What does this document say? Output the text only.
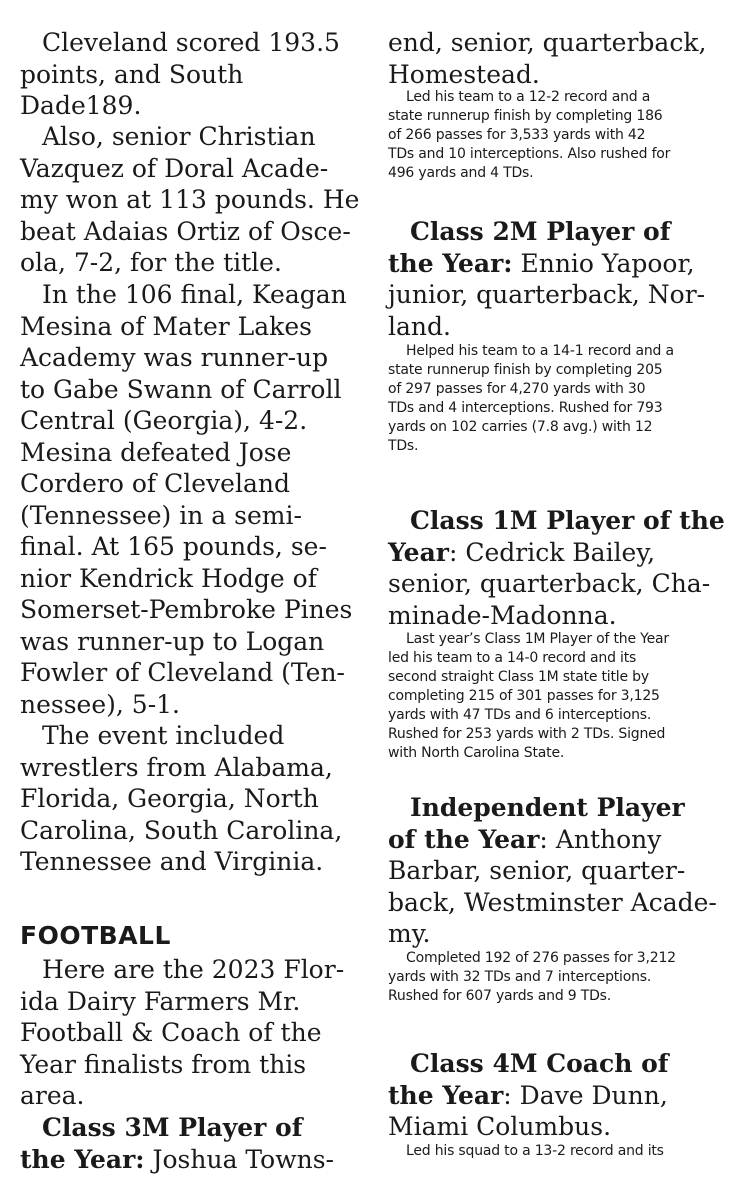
Cleveland scored 193.5
points, and South
Dade189.
Also, senior Christian
Vazquez of Doral Acade-
my won at 113 pounds. He
beat Adaias Ortiz of Osce-
ola, 7-2, for the title.
In the 106 final, Keagan
Mesina of Mater Lakes
Academy was runner-up
to Gabe Swann of Carroll
Central (Georgia), 4-2.
Mesina defeated Jose
Cordero of Cleveland
(Tennessee) in a semi-
final. At 165 pounds, se-
nior Kendrick Hodge of
Somerset-Pembroke Pines
was runner-up to Logan
Fowler of Cleveland (Ten-
nessee), 5-1.
The event included
wrestlers from Alabama,
Florida, Georgia, North
Carolina, South Carolina,
Tennessee and Virginia.
FOOTBALL
Here are the 2023 Flor-
ida Dairy Farmers Mr.
Football & Coach of the
Year finalists from this
area.
Class 3M Player of
the Year: Joshua Towns-
end, senior, quarterback,
Homestead.
Led his team to a 12-2 record and a
state runnerup finish by completing 186
of 266 passes for 3,533 yards with 42
TDs and 10 interceptions. Also rushed for
496 yards and 4 TDs.
Class 2M Player of
the Year: Ennio Yapoor,
junior, quarterback, Nor-
land.
Helped his team to a 14-1 record and a
state runnerup finish by completing 205
of 297 passes for 4,270 yards with 30
TDs and 4 interceptions. Rushed for 793
yards on 102 carries (7.8 avg.) with 12
TDs.
Class 1M Player of the
Year: Cedrick Bailey,
senior, quarterback, Cha-
minade-Madonna.
Last year’s Class 1M Player of the Year
led his team to a 14-0 record and its
second straight Class 1M state title by
completing 215 of 301 passes for 3,125
yards with 47 TDs and 6 interceptions.
Rushed for 253 yards with 2 TDs. Signed
with North Carolina State.
Independent Player
of the Year: Anthony
Barbar, senior, quarter-
back, Westminster Acade-
my.
Completed 192 of 276 passes for 3,212
yards with 32 TDs and 7 interceptions.
Rushed for 607 yards and 9 TDs.
Class 4M Coach of
the Year: Dave Dunn,
Miami Columbus.
Led his squad to a 13-2 record and its
